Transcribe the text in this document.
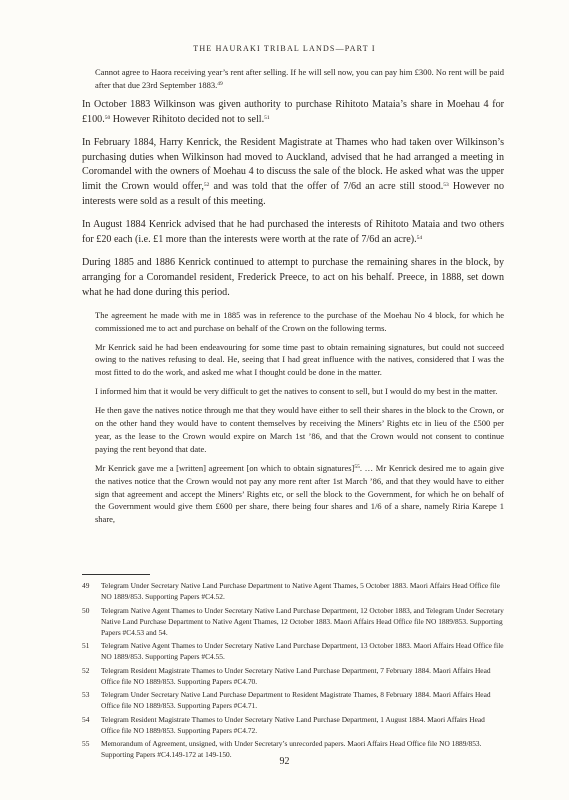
THE HAURAKI TRIBAL LANDS—PART I

Cannot agree to Haora receiving year’s rent after selling. If he will sell now, you can pay him £300. No rent will be paid after that due 23rd September 1883.49

In October 1883 Wilkinson was given authority to purchase Rihitoto Mataia’s share in Moehau 4 for £100.50 However Rihitoto decided not to sell.$^{51}$

In February 1884, Harry Kenrick, the Resident Magistrate at Thames who had taken over Wilkinson’s purchasing duties when Wilkinson had moved to Auckland, advised that he had arranged a meeting in Coromandel with the owners of Moehau 4 to discuss the sale of the block. He asked what was the upper limit the Crown would offer,$^{52}$ and was told that the offer of 7/6d an acre still stood.$^{53}$ However no interests were sold as a result of this meeting.

In August 1884 Kenrick advised that he had purchased the interests of Rihitoto Mataia and two others for £20 each (i.e. £1 more than the interests were worth at the rate of 7/6d an acre).$^{54}$

During 1885 and 1886 Kenrick continued to attempt to purchase the remaining shares in the block, by arranging for a Coromandel resident, Frederick Preece, to act on his behalf. Preece, in 1888, set down what he had done during this period.

The agreement he made with me in 1885 was in reference to the purchase of the Moehau No 4 block, for which he commissioned me to act and purchase on behalf of the Crown on the following terms.

Mr Kenrick said he had been endeavouring for some time past to obtain remaining signatures, but could not succeed owing to the natives refusing to deal. He, seeing that I had great influence with the natives, considered that I was the most fitted to do the work, and asked me what I thought could be done in the matter.

I informed him that it would be very difficult to get the natives to consent to sell, but I would do my best in the matter.

He then gave the natives notice through me that they would have either to sell their shares in the block to the Crown, or on the other hand they would have to content themselves by receiving the Miners’ Rights etc in lieu of the £500 per year, as the lease to the Crown would expire on March 1st ’86, and that the Crown would not consent to continue paying the rent beyond that date.

Mr Kenrick gave me a [written] agreement [on which to obtain signatures]$^{55}$. … Mr Kenrick desired me to again give the natives notice that the Crown would not pay any more rent after 1st March ’86, and that they would have to either sign that agreement and accept the Miners’ Rights etc, or sell the block to the Government, for which he on behalf of the Government would give them £600 per share, there being four shares and 1/6 of a share, namely Riria Karepe 1 share,

49	Telegram Under Secretary Native Land Purchase Department to Native Agent Thames, 5 October 1883. Maori Affairs Head Office file NO 1889/853. Supporting Papers #C4.52.
50	Telegram Native Agent Thames to Under Secretary Native Land Purchase Department, 12 October 1883, and Telegram Under Secretary Native Land Purchase Department to Native Agent Thames, 12 October 1883. Maori Affairs Head Office file NO 1889/853. Supporting Papers #C4.53 and 54.
51	Telegram Native Agent Thames to Under Secretary Native Land Purchase Department, 13 October 1883. Maori Affairs Head Office file NO 1889/853. Supporting Papers #C4.55.
52	Telegram Resident Magistrate Thames to Under Secretary Native Land Purchase Department, 7 February 1884. Maori Affairs Head Office file NO 1889/853. Supporting Papers #C4.70.
53	Telegram Under Secretary Native Land Purchase Department to Resident Magistrate Thames, 8 February 1884. Maori Affairs Head Office file NO 1889/853. Supporting Papers #C4.71.
54	Telegram Resident Magistrate Thames to Under Secretary Native Land Purchase Department, 1 August 1884. Maori Affairs Head Office file NO 1889/853. Supporting Papers #C4.72.
55	Memorandum of Agreement, unsigned, with Under Secretary’s unrecorded papers. Maori Affairs Head Office file NO 1889/853. Supporting Papers #C4.149-172 at 149-150.
92
